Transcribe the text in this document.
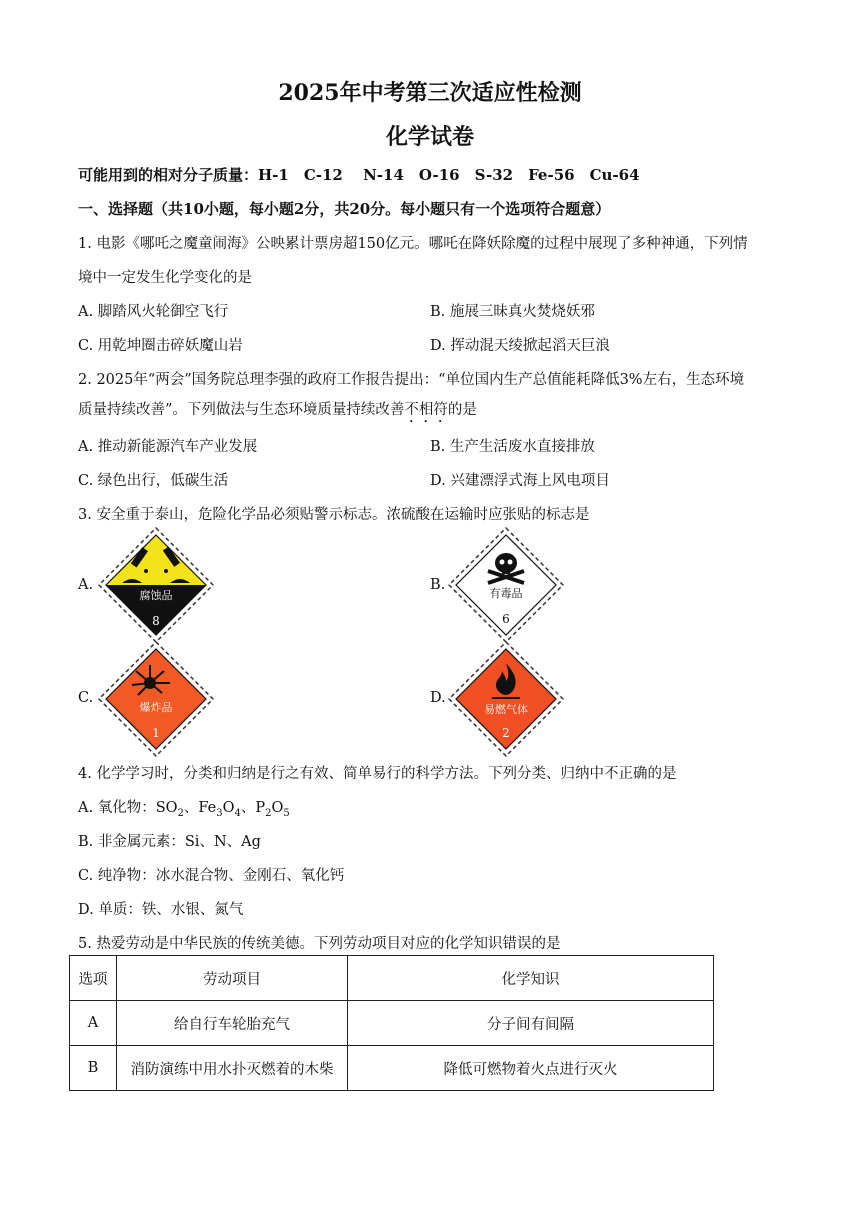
2025年中考第三次适应性检测
化学试卷
可能用到的相对分子质量：H-1　C-12　 N-14　O-16　S-32　Fe-56　Cu-64
一、选择题（共10小题，每小题2分，共20分。每小题只有一个选项符合题意）
1. 电影《哪吒之魔童闹海》公映累计票房超150亿元。哪吒在降妖除魔的过程中展现了多种神通，下列情
境中一定发生化学变化的是
A. 脚踏风火轮御空飞行	B. 施展三昧真火焚烧妖邪
C. 用乾坤圈击碎妖魔山岩	D. 挥动混天绫掀起滔天巨浪
2. 2025年“两会”国务院总理李强的政府工作报告提出：“单位国内生产总值能耗降低3%左右，生态环境
质量持续改善”。下列做法与生态环境质量持续改善不相符的是
A. 推动新能源汽车产业发展	B. 生产生活废水直接排放
C. 绿色出行，低碳生活	D. 兴建漂浮式海上风电项目
3. 安全重于泰山，危险化学品必须贴警示标志。浓硫酸在运输时应张贴的标志是
A.
腐蚀品
8
B.
有毒品
6
C.
爆炸品
1
D.
易燃气体
2
4. 化学学习时，分类和归纳是行之有效、简单易行的科学方法。下列分类、归纳中不正确的是
A. 氧化物：$SO_2$、$Fe_3O_4$、$P_2O_5$
B. 非金属元素：Si、N、Ag
C. 纯净物：冰水混合物、金刚石、氧化钙
D. 单质：铁、水银、氮气
5. 热爱劳动是中华民族的传统美德。下列劳动项目对应的化学知识错误的是
选项	劳动项目	化学知识
A	给自行车轮胎充气	分子间有间隔
B	消防演练中用水扑灭燃着的木柴	降低可燃物着火点进行灭火
